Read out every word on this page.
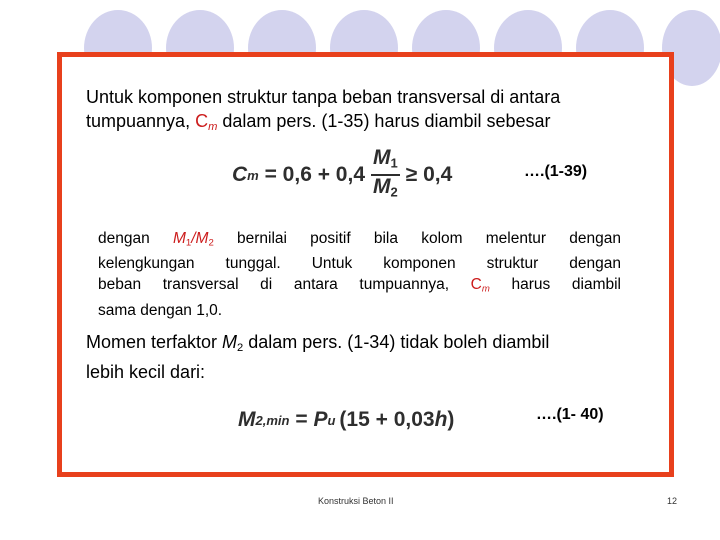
Untuk komponen struktur tanpa beban transversal di antara
tumpuannya, $C_m$ dalam pers. (1-35) harus diambil sebesar
C $m = 0,6 + 0,4 \frac{M_1}{M_2} \ge 0,4$	….(1-39)
dengan $M_1/M_2$ bernilai positif bila kolom melentur dengan
kelengkungan tunggal. Untuk komponen struktur dengan
beban transversal di antara tumpuannya, $C_m$ harus diambil
sama dengan 1,0.
Momen terfaktor $M_2$ dalam pers. (1-34) tidak boleh diambil
lebih kecil dari:
M 2,min = P u (15 + 0,03 h )	….(1- 40)
Konstruksi Beton II	12
